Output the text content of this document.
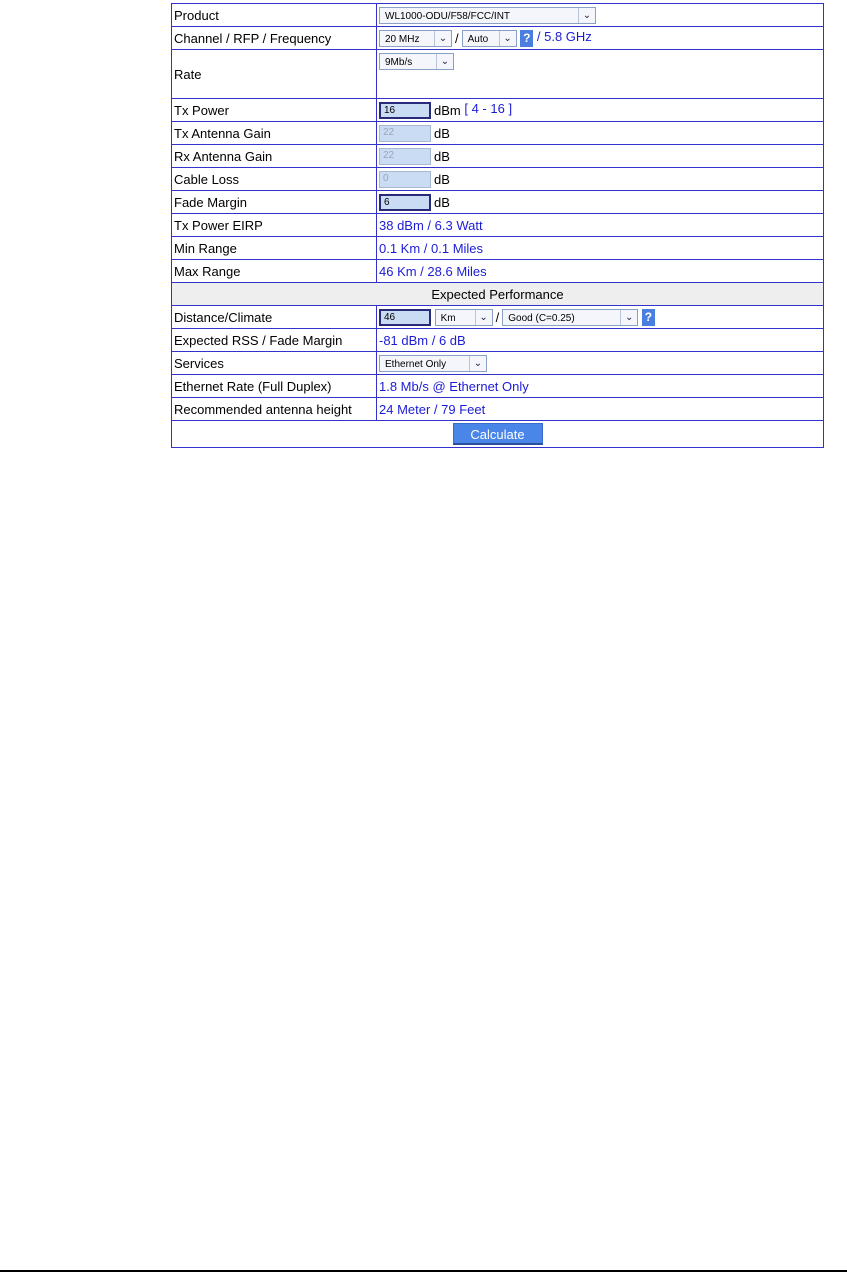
Product	WL1000-ODU/F58/FCC/INT ⌄

Channel / RFP / Frequency	20 MHz ⌄ / Auto ⌄ ? / 5.8 GHz
Rate	9Mb/s ⌄

Tx Power	16 dBm [ 4 - 16 ]
Tx Antenna Gain	22 dB
Rx Antenna Gain	22 dB
Cable Loss	0 dB
Fade Margin	6 dB
Tx Power EIRP	38 dBm / 6.3 Watt
Min Range	0.1 Km / 0.1 Miles
Max Range	46 Km / 28.6 Miles
Expected Performance	
Distance/Climate	46 Km ⌄ / Good (C=0.25) ⌄ ?
Expected RSS / Fade Margin	-81 dBm / 6 dB
Services	Ethernet Only ⌄

Ethernet Rate (Full Duplex)	1.8 Mb/s @ Ethernet Only
Recommended antenna height	24 Meter / 79 Feet
Calculate	
